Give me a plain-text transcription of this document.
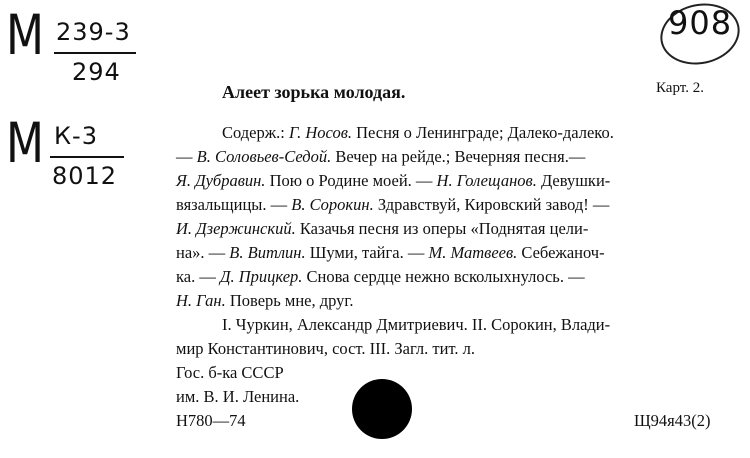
М 239-3
294
М К-3
8012
908
Карт. 2.
Алеет зорька молодая.
Содерж.: Г. Носов. Песня о Ленинграде; Далеко-далеко.
— В. Соловьев-Седой. Вечер на рейде.; Вечерняя песня.—
Я. Дубравин. Пою о Родине моей. — Н. Голещанов. Девушки-
вязальщицы. — В. Сорокин. Здравствуй, Кировский завод! —
И. Дзержинский. Казачья песня из оперы «Поднятая цели-
на». — В. Витлин. Шуми, тайга. — М. Матвеев. Себежаноч-
ка. — Д. Прицкер. Снова сердце нежно всколыхнулось. —
Н. Ган. Поверь мне, друг.
I. Чуркин, Александр Дмитриевич. II. Сорокин, Влади-
мир Константинович, сост. III. Загл. тит. л.
Гос. б-ка СССР
им. В. И. Ленина.
Н780—74	Щ94я43(2)
